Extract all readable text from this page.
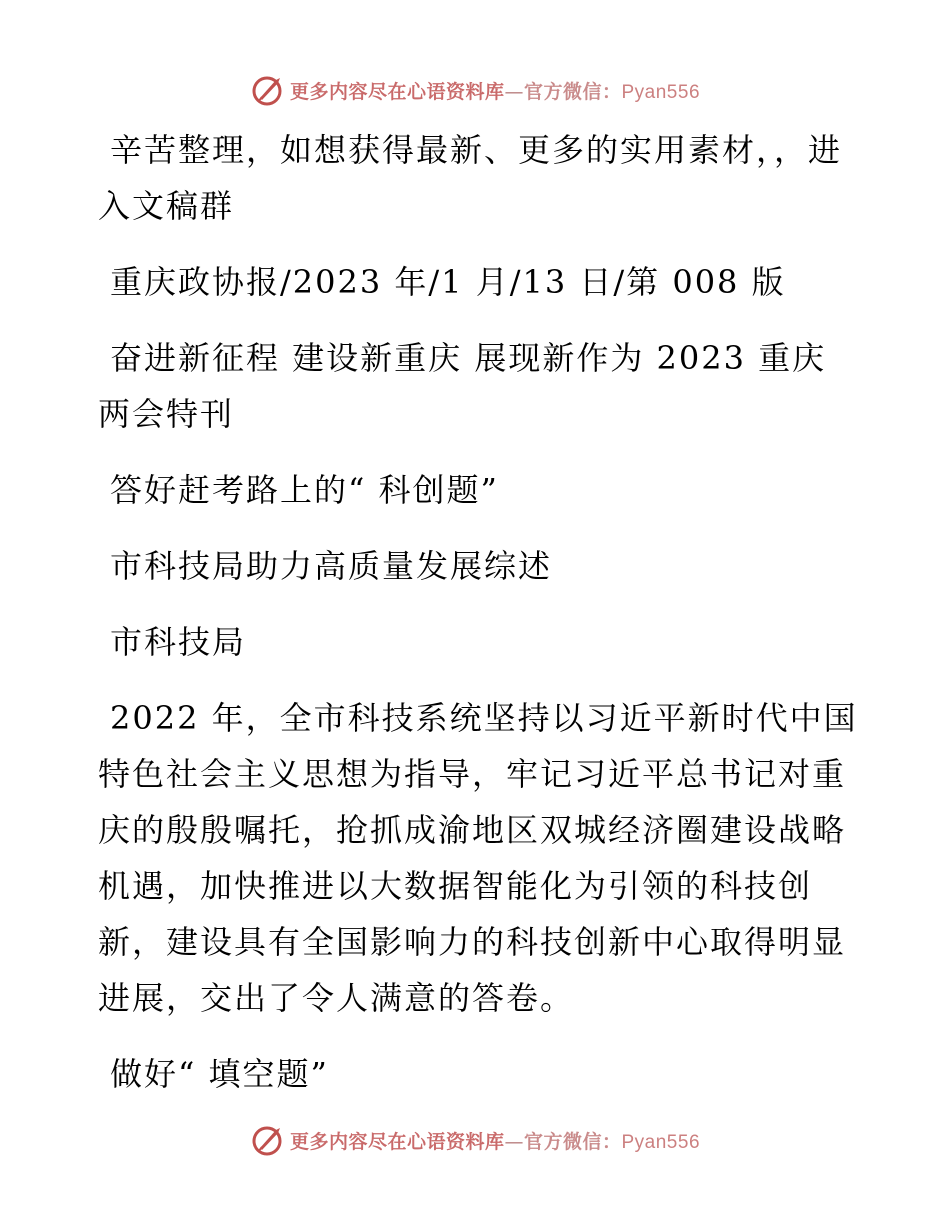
更多内容尽在心语资料库—官方微信：Pyan556

辛苦整理，如想获得最新、更多的实用素材，，进入文稿群

重庆政协报/2023 年/1 月/13 日/第 008 版

奋进新征程 建设新重庆 展现新作为 2023 重庆两会特刊

答好赶考路上的“ 科创题”

市科技局助力高质量发展综述

市科技局

2022 年，全市科技系统坚持以习近平新时代中国特色社会主义思想为指导，牢记习近平总书记对重庆的殷殷嘱托，抢抓成渝地区双城经济圈建设战略机遇，加快推进以大数据智能化为引领的科技创新，建设具有全国影响力的科技创新中心取得明显进展，交出了令人满意的答卷。

做好“ 填空题”

更多内容尽在心语资料库—官方微信：Pyan556
